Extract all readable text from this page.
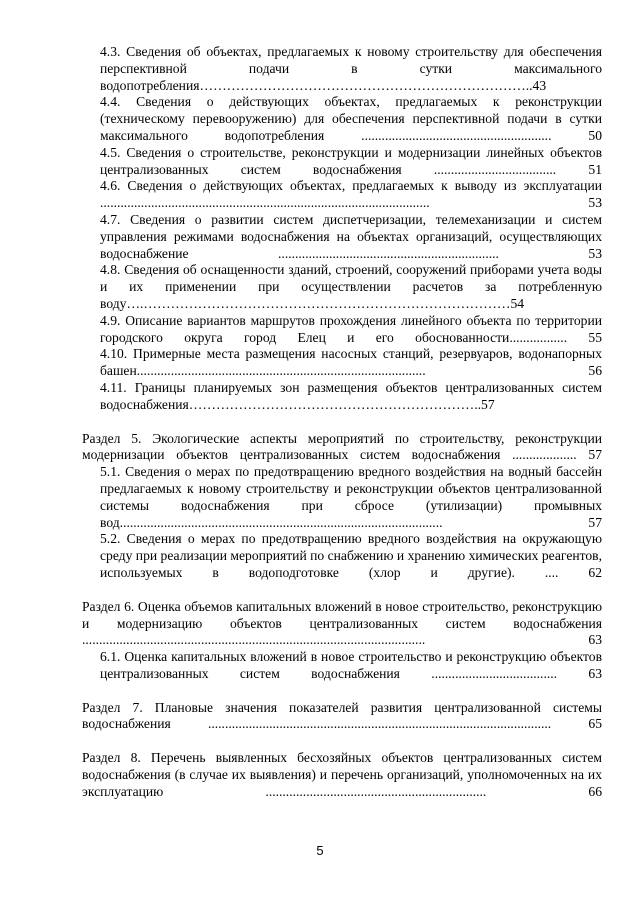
4.3. Сведения об объектах, предлагаемых к новому строительству для обеспечения перспективной подачи в сутки максимального водопотребления………………………………………………………………..43
4.4. Сведения о действующих объектах, предлагаемых к реконструкции (техническому перевооружению) для обеспечения перспективной подачи в сутки максимального водопотребления ........................................................ 50
4.5. Сведения о строительстве, реконструкции и модернизации линейных объектов централизованных систем водоснабжения .................................... 51
4.6. Сведения о действующих объектах, предлагаемых к выводу из эксплуатации ................................................................................................. 53
4.7. Сведения о развитии систем диспетчеризации, телемеханизации и систем управления режимами водоснабжения на объектах организаций, осуществляющих водоснабжение ................................................................. 53
4.8. Сведения об оснащенности зданий, строений, сооружений приборами учета воды и их применении при осуществлении расчетов за потребленную воду….………………………………………………………………………54
4.9. Описание вариантов маршрутов прохождения линейного объекта по территории городского округа город Елец и его обоснованности................. 55
4.10. Примерные места размещения насосных станций, резервуаров, водонапорных башен..................................................................................... 56
4.11. Границы планируемых зон размещения объектов централизованных систем водоснабжения………………………………………………………..57
Раздел 5. Экологические аспекты мероприятий по строительству, реконструкции модернизации объектов централизованных систем водоснабжения ................... 57
5.1. Сведения о мерах по предотвращению вредного воздействия на водный бассейн предлагаемых к новому строительству и реконструкции объектов централизованной системы водоснабжения при сбросе (утилизации) промывных вод............................................................................................... 57
5.2. Сведения о мерах по предотвращению вредного воздействия на окружающую среду при реализации мероприятий по снабжению и хранению химических реагентов, используемых в водоподготовке (хлор и другие). .... 62
Раздел 6. Оценка объемов капитальных вложений в новое строительство, реконструкцию и модернизацию объектов централизованных систем водоснабжения ..................................................................................................... 63
6.1. Оценка капитальных вложений в новое строительство и реконструкцию объектов централизованных систем водоснабжения ..................................... 63
Раздел 7. Плановые значения показателей развития централизованной системы водоснабжения ..................................................................................................... 65
Раздел 8. Перечень выявленных бесхозяйных объектов централизованных систем водоснабжения (в случае их выявления) и перечень организаций, уполномоченных на их эксплуатацию ................................................................. 66
5
